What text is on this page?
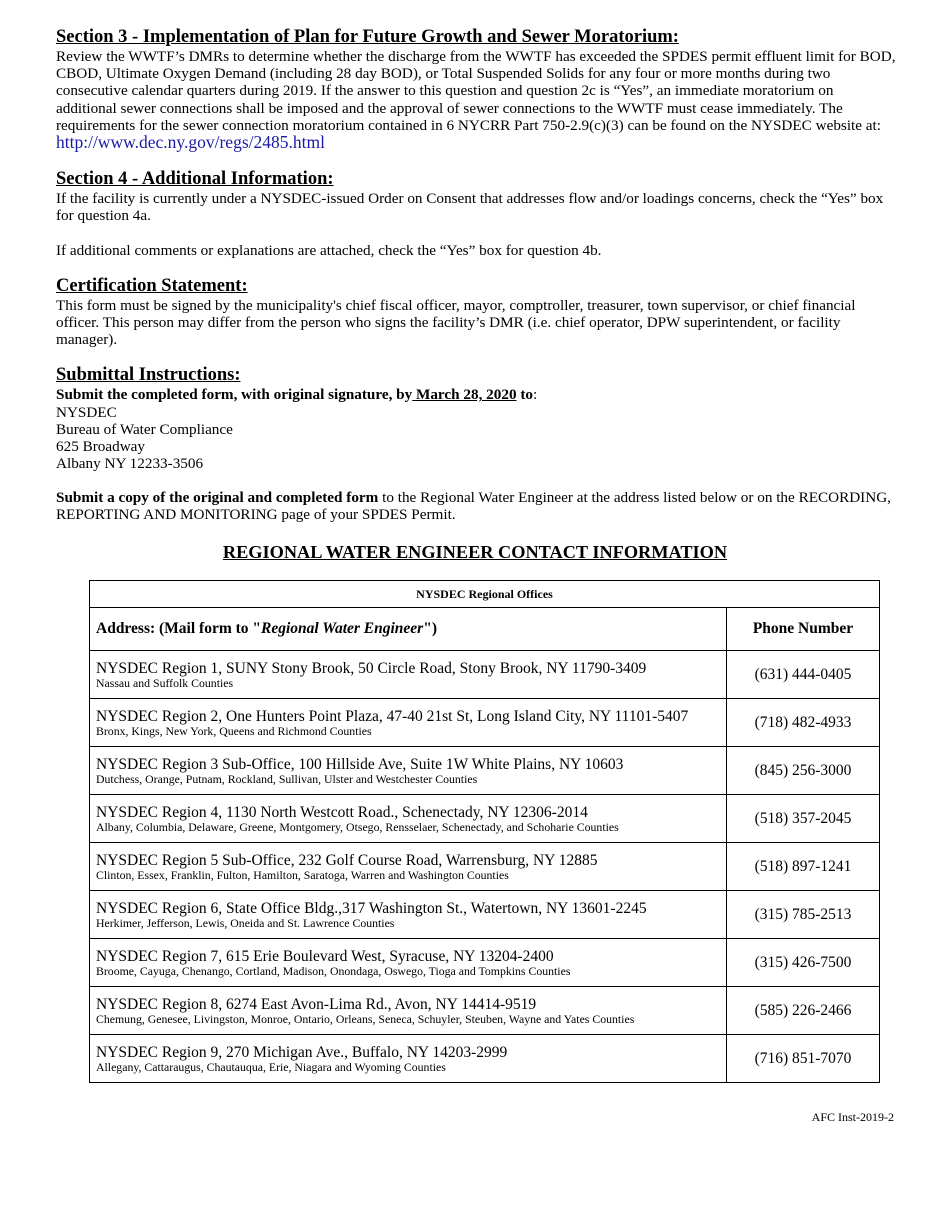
Section 3 - Implementation of Plan for Future Growth and Sewer Moratorium:

Review the WWTF’s DMRs to determine whether the discharge from the WWTF has exceeded the SPDES permit effluent limit for BOD, CBOD, Ultimate Oxygen Demand (including 28 day BOD), or Total Suspended Solids for any four or more months during two consecutive calendar quarters during 2019. If the answer to this question and question 2c is “Yes”, an immediate moratorium on additional sewer connections shall be imposed and the approval of sewer connections to the WWTF must cease immediately. The requirements for the sewer connection moratorium contained in 6 NYCRR Part 750-2.9(c)(3) can be found on the NYSDEC website at: http://www.dec.ny.gov/regs/2485.html

Section 4 - Additional Information:

If the facility is currently under a NYSDEC-issued Order on Consent that addresses flow and/or loadings concerns, check the “Yes” box for question 4a.

If additional comments or explanations are attached, check the “Yes” box for question 4b.

Certification Statement:

This form must be signed by the municipality's chief fiscal officer, mayor, comptroller, treasurer, town supervisor, or chief financial officer. This person may differ from the person who signs the facility’s DMR (i.e. chief operator, DPW superintendent, or facility manager).

Submittal Instructions:

Submit the completed form, with original signature, by March 28, 2020 to:

NYSDEC
Bureau of Water Compliance
625 Broadway
Albany NY 12233-3506

Submit a copy of the original and completed form to the Regional Water Engineer at the address listed below or on the RECORDING, REPORTING AND MONITORING page of your SPDES Permit.

REGIONAL WATER ENGINEER CONTACT INFORMATION
NYSDEC Regional Offices	
Address: (Mail form to "Regional Water Engineer")	Phone Number

NYSDEC Region 1, SUNY Stony Brook, 50 Circle Road, Stony Brook, NY 11790-3409
Nassau and Suffolk Counties	(631) 444-0405

NYSDEC Region 2, One Hunters Point Plaza, 47-40 21st St, Long Island City, NY 11101-5407
Bronx, Kings, New York, Queens and Richmond Counties	(718) 482-4933

NYSDEC Region 3 Sub-Office, 100 Hillside Ave, Suite 1W White Plains, NY 10603
Dutchess, Orange, Putnam, Rockland, Sullivan, Ulster and Westchester Counties	(845) 256-3000

NYSDEC Region 4, 1130 North Westcott Road., Schenectady, NY 12306-2014
Albany, Columbia, Delaware, Greene, Montgomery, Otsego, Rensselaer, Schenectady, and Schoharie Counties	(518) 357-2045

NYSDEC Region 5 Sub-Office, 232 Golf Course Road, Warrensburg, NY 12885
Clinton, Essex, Franklin, Fulton, Hamilton, Saratoga, Warren and Washington Counties	(518) 897-1241

NYSDEC Region 6, State Office Bldg.,317 Washington St., Watertown, NY 13601-2245
Herkimer, Jefferson, Lewis, Oneida and St. Lawrence Counties	(315) 785-2513

NYSDEC Region 7, 615 Erie Boulevard West, Syracuse, NY 13204-2400
Broome, Cayuga, Chenango, Cortland, Madison, Onondaga, Oswego, Tioga and Tompkins Counties	(315) 426-7500

NYSDEC Region 8, 6274 East Avon-Lima Rd., Avon, NY 14414-9519
Chemung, Genesee, Livingston, Monroe, Ontario, Orleans, Seneca, Schuyler, Steuben, Wayne and Yates Counties	(585) 226-2466

NYSDEC Region 9, 270 Michigan Ave., Buffalo, NY 14203-2999
Allegany, Cattaraugus, Chautauqua, Erie, Niagara and Wyoming Counties	(716) 851-7070
AFC Inst-2019-2
